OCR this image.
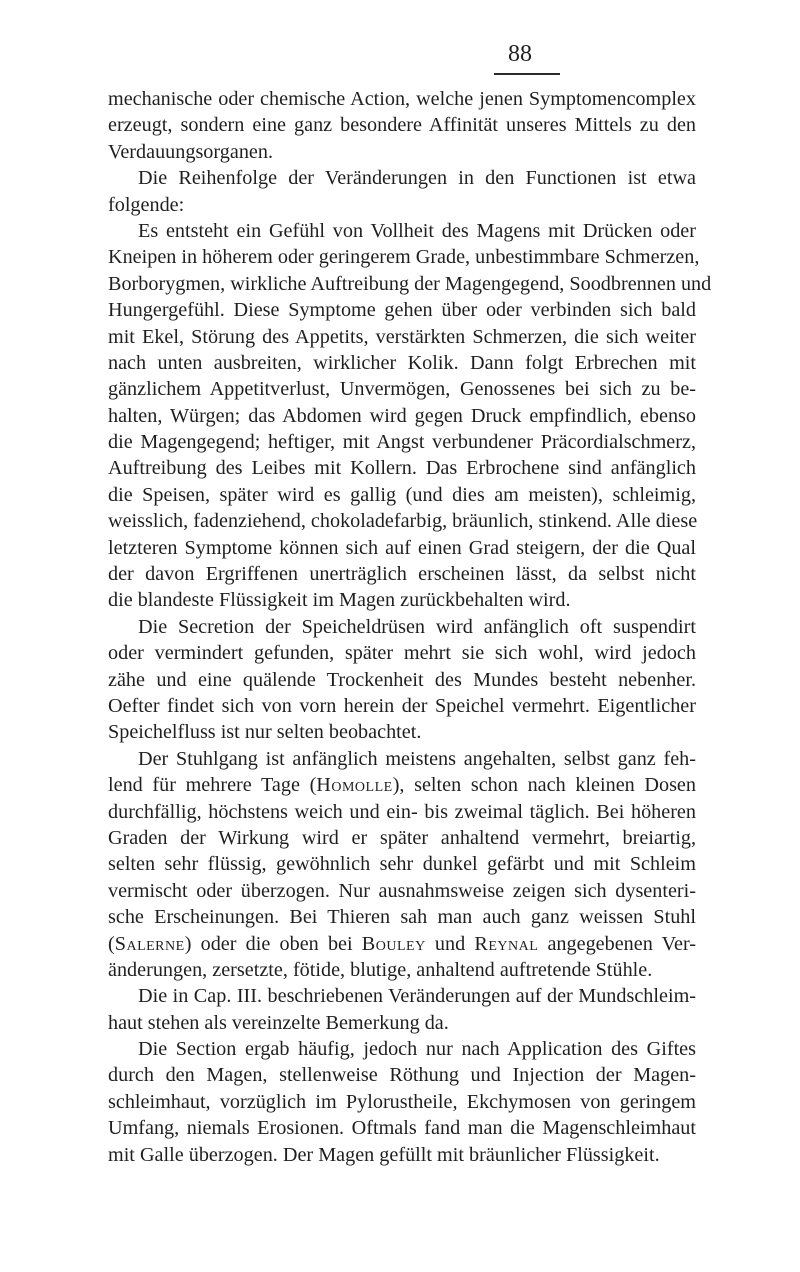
88
mechanische oder chemische Action, welche jenen Symptomencomplex
erzeugt, sondern eine ganz besondere Affinität unseres Mittels zu den
Verdauungsorganen.
Die Reihenfolge der Veränderungen in den Functionen ist etwa
folgende:
Es entsteht ein Gefühl von Vollheit des Magens mit Drücken oder
Kneipen in höherem oder geringerem Grade, unbestimmbare Schmerzen,
Borborygmen, wirkliche Auftreibung der Magengegend, Soodbrennen und
Hungergefühl. Diese Symptome gehen über oder verbinden sich bald
mit Ekel, Störung des Appetits, verstärkten Schmerzen, die sich weiter
nach unten ausbreiten, wirklicher Kolik. Dann folgt Erbrechen mit
gänzlichem Appetitverlust, Unvermögen, Genossenes bei sich zu be-
halten, Würgen; das Abdomen wird gegen Druck empfindlich, ebenso
die Magengegend; heftiger, mit Angst verbundener Präcordialschmerz,
Auftreibung des Leibes mit Kollern. Das Erbrochene sind anfänglich
die Speisen, später wird es gallig (und dies am meisten), schleimig,
weisslich, fadenziehend, chokoladefarbig, bräunlich, stinkend. Alle diese
letzteren Symptome können sich auf einen Grad steigern, der die Qual
der davon Ergriffenen unerträglich erscheinen lässt, da selbst nicht
die blandeste Flüssigkeit im Magen zurückbehalten wird.
Die Secretion der Speicheldrüsen wird anfänglich oft suspendirt
oder vermindert gefunden, später mehrt sie sich wohl, wird jedoch
zähe und eine quälende Trockenheit des Mundes besteht nebenher.
Oefter findet sich von vorn herein der Speichel vermehrt. Eigentlicher
Speichelfluss ist nur selten beobachtet.
Der Stuhlgang ist anfänglich meistens angehalten, selbst ganz feh-
lend für mehrere Tage (Homolle), selten schon nach kleinen Dosen
durchfällig, höchstens weich und ein- bis zweimal täglich. Bei höheren
Graden der Wirkung wird er später anhaltend vermehrt, breiartig,
selten sehr flüssig, gewöhnlich sehr dunkel gefärbt und mit Schleim
vermischt oder überzogen. Nur ausnahmsweise zeigen sich dysenteri-
sche Erscheinungen. Bei Thieren sah man auch ganz weissen Stuhl
(Salerne) oder die oben bei Bouley und Reynal angegebenen Ver-
änderungen, zersetzte, fötide, blutige, anhaltend auftretende Stühle.
Die in Cap. III. beschriebenen Veränderungen auf der Mundschleim-
haut stehen als vereinzelte Bemerkung da.
Die Section ergab häufig, jedoch nur nach Application des Giftes
durch den Magen, stellenweise Röthung und Injection der Magen-
schleimhaut, vorzüglich im Pylorustheile, Ekchymosen von geringem
Umfang, niemals Erosionen. Oftmals fand man die Magenschleimhaut
mit Galle überzogen. Der Magen gefüllt mit bräunlicher Flüssigkeit.
